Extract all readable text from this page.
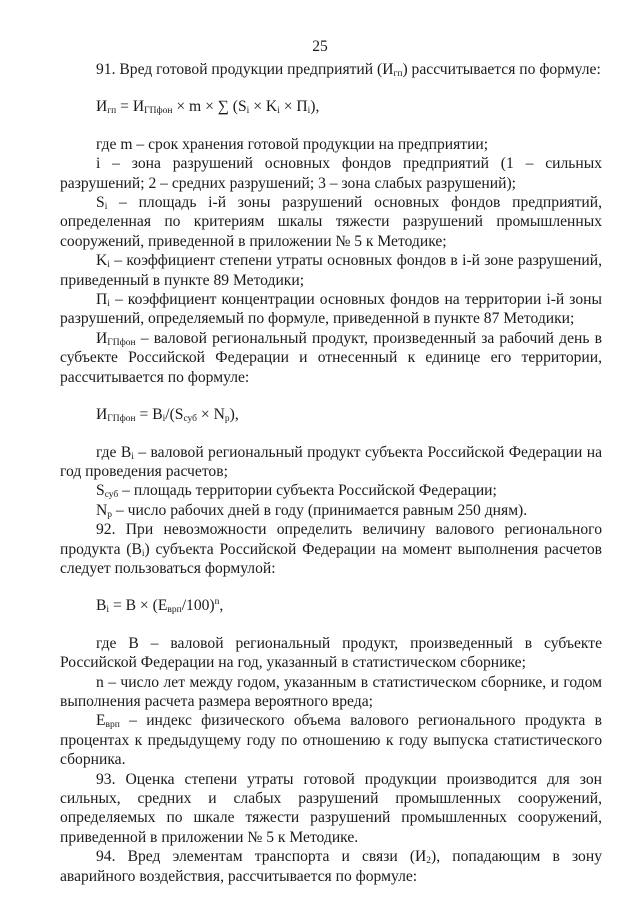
25

91. Вред готовой продукции предприятий $(И_{гп})$ рассчитывается по формуле:

$И_{гп} = И_{ГПфон} \times m$ × ∑ $(S_i \times K_i \times П_i)$,

где m – срок хранения готовой продукции на предприятии;

i – зона разрушений основных фондов предприятий (1 – сильных разрушений; 2 – средних разрушений; 3 – зона слабых разрушений);

$S_i$ – площадь i-й зоны разрушений основных фондов предприятий, определенная по критериям шкалы тяжести разрушений промышленных сооружений, приведенной в приложении № 5 к Методике;

$K_i$ – коэффициент степени утраты основных фондов в i-й зоне разрушений, приведенный в пункте 89 Методики;

$П_i$ – коэффициент концентрации основных фондов на территории i-й зоны разрушений, определяемый по формуле, приведенной в пункте 87 Методики;

$И_{ГПфон}$ – валовой региональный продукт, произведенный за рабочий день в субъекте Российской Федерации и отнесенный к единице его территории, рассчитывается по формуле:

$И_{ГПфон} = B_i/(S_{суб} \times N_p)$,

где $B_i$ – валовой региональный продукт субъекта Российской Федерации на год проведения расчетов;

$S_{суб}$ – площадь территории субъекта Российской Федерации;

$N_p$ – число рабочих дней в году (принимается равным 250 дням).

92. При невозможности определить величину валового регионального продукта $(B_i)$ субъекта Российской Федерации на момент выполнения расчетов следует пользоваться формулой:

$B_i = B \times (E_{врп}/100)^n$,

где B – валовой региональный продукт, произведенный в субъекте Российской Федерации на год, указанный в статистическом сборнике;

n – число лет между годом, указанным в статистическом сборнике, и годом выполнения расчета размера вероятного вреда;

$E_{врп}$ – индекс физического объема валового регионального продукта в процентах к предыдущему году по отношению к году выпуска статистического сборника.

93. Оценка степени утраты готовой продукции производится для зон сильных, средних и слабых разрушений промышленных сооружений, определяемых по шкале тяжести разрушений промышленных сооружений, приведенной в приложении № 5 к Методике.

94. Вред элементам транспорта и связи $(И_2)$, попадающим в зону аварийного воздействия, рассчитывается по формуле:
